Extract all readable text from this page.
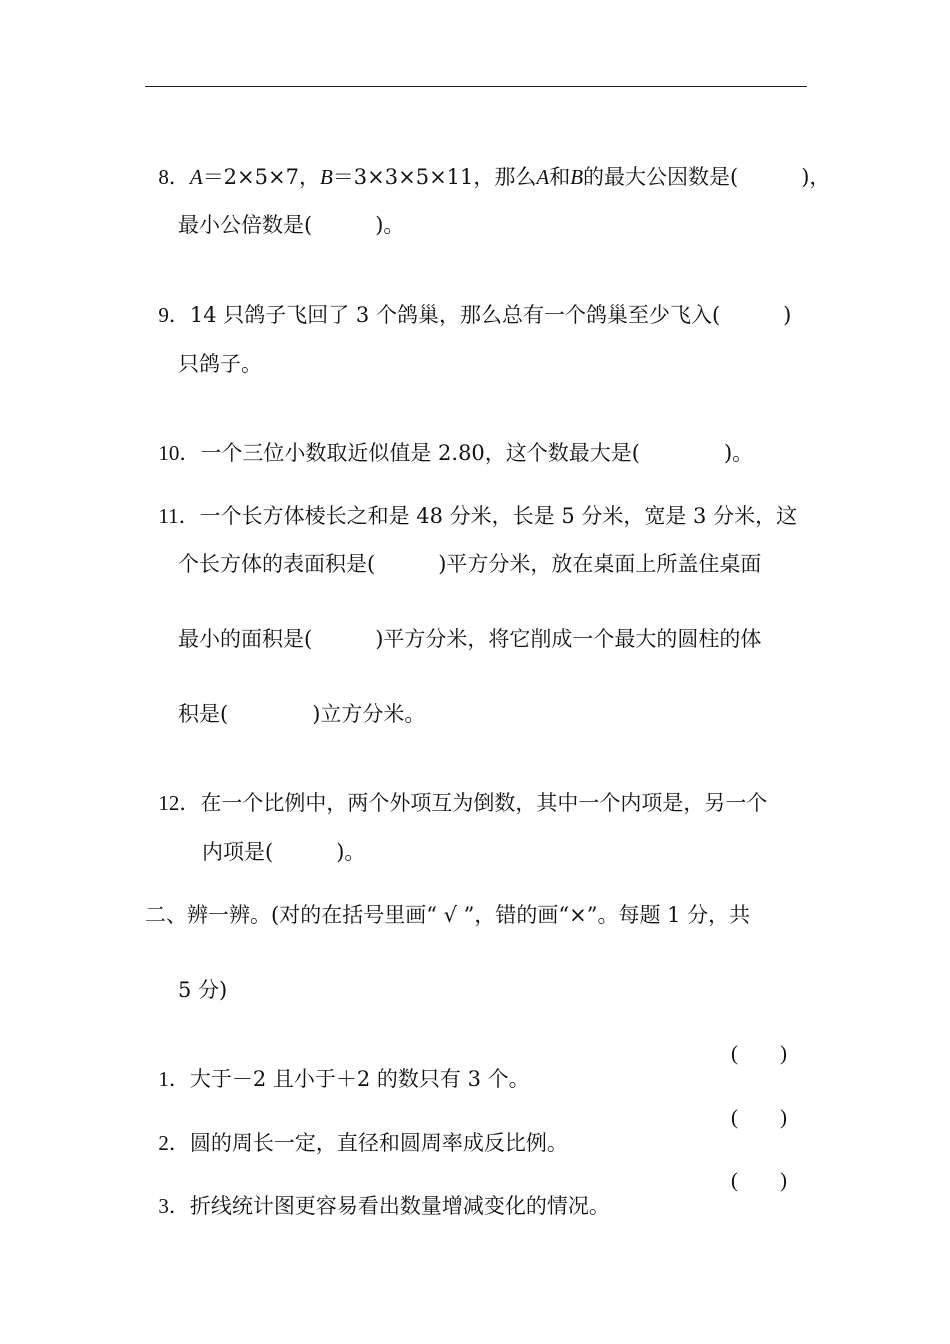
8．A＝2×5×7，B＝3×3×5×11，那么A和B的最大公因数是(　　　)，

最小公倍数是(　　　)。

9．14 只鸽子飞回了 3 个鸽巢，那么总有一个鸽巢至少飞入(　　　)

只鸽子。

10．一个三位小数取近似值是 2.80，这个数最大是(　　　　)。

11．一个长方体棱长之和是 48 分米，长是 5 分米，宽是 3 分米，这

个长方体的表面积是(　　　)平方分米，放在桌面上所盖住桌面
最小的面积是(　　　)平方分米，将它削成一个最大的圆柱的体
积是(　　　　)立方分米。

12．在一个比例中，两个外项互为倒数，其中一个内项是，另一个

内项是(　　　)。
二、辨一辨。(对的在括号里画“ √ ”，错的画“×”。每题 1 分，共
5 分)

1．大于－2 且小于＋2 的数只有 3 个。

(　　)

2．圆的周长一定，直径和圆周率成反比例。

(　　)

3．折线统计图更容易看出数量增减变化的情况。

(　　)
